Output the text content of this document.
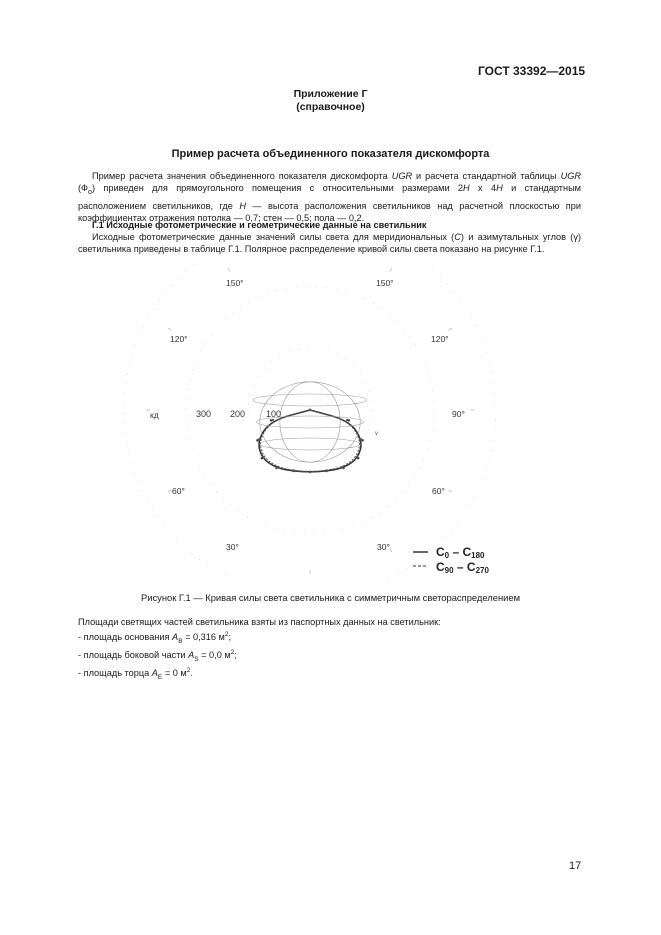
ГОСТ 33392—2015
Приложение Г
(справочное)
Пример расчета объединенного показателя дискомфорта
Пример расчета значения объединенного показателя дискомфорта UGR и расчета стандартной таблицы UGR $(Ф_о)$ приведен для прямоугольного помещения с относительными размерами 2H x 4H и стандартным расположением светильников, где H — высота расположения светильников над расчетной плоскостью при коэффициентах отражения потолка — 0,7; стен — 0,5; пола — 0,2.
Г.1 Исходные фотометрические и геометрические данные на светильник
Исходные фотометрические данные значений силы света для меридиональных (C) и азимутальных углов (γ) светильника приведены в таблице Г.1. Полярное распределение кривой силы света показано на рисунке Г.1.
кд	300 200 100
150°	150°
120°	120°
90°
60°	60°
30°	30°
v
C0 – C180
C90 – C270
Рисунок Г.1 — Кривая силы света светильника с симметричным светораспределением
Площади светящих частей светильника взяты из паспортных данных на светильник:
- площадь основания $A_B = 0,316$ $м^2$;
- площадь боковой части $A_S = 0,0$ $м^2$;
- площадь торца $A_E = 0$ $м^2$.
17
